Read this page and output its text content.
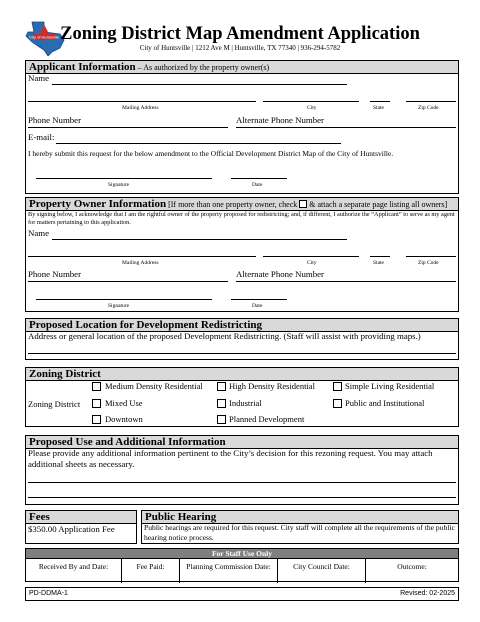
City of Huntsville Zoning District Map Amendment Application
City of Huntsville | 1212 Ave M | Huntsville, TX 77340 | 936-294-5782
Applicant Information – As authorized by the property owner(s)
Name
Mailing Address	City	State	Zip Code
Phone Number	Alternate Phone Number
E-mail:
I hereby submit this request for the below amendment to the Official Development District Map of the City of Huntsville.
Signature	Date
Property Owner Information [If more than one property owner, check & attach a separate page listing all owners]
By signing below, I acknowledge that I am the rightful owner of the property proposed for redistricting; and, if different, I authorize the “Applicant” to serve as my agent for matters pertaining to this application.
Name
Mailing Address	City	State	Zip Code
Phone Number	Alternate Phone Number
Signature	Date
Proposed Location for Development Redistricting
Address or general location of the proposed Development Redistricting. (Staff will assist with providing maps.)
Zoning District
Zoning District
Medium Density Residential	High Density Residential	Simple Living Residential
Mixed Use	Industrial	Public and Institutional
Downtown	Planned Development
Proposed Use and Additional Information
Please provide any additional information pertinent to the City’s decision for this rezoning request. You may attach additional sheets as necessary.
Fees
$350.00 Application Fee
Public Hearing
Public hearings are required for this request. City staff will complete all the requirements of the public hearing notice process.
For Staff Use Only
Received By and Date:	Fee Paid:	Planning Commission Date:	City Council Date:	Outcome:
PD-DDMA-1	Revised: 02-2025
